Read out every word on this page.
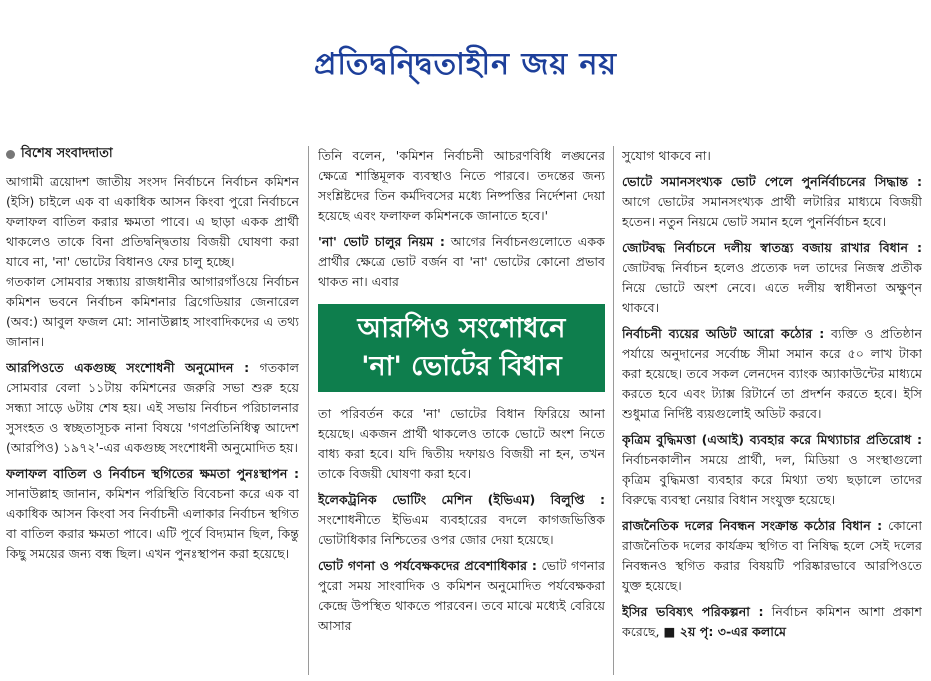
প্রতিদ্বন্দ্বিতাহীন জয় নয়
বিশেষ সংবাদদাতা

আগামী ত্রয়োদশ জাতীয় সংসদ নির্বাচনে নির্বাচন কমিশন (ইসি) চাইলে এক বা একাধিক আসন কিংবা পুরো নির্বাচনে ফলাফল বাতিল করার ক্ষমতা পাবে। এ ছাড়া একক প্রার্থী থাকলেও তাকে বিনা প্রতিদ্বন্দ্বিতায় বিজয়ী ঘোষণা করা যাবে না, 'না' ভোটের বিধানও ফের চালু হচ্ছে।

গতকাল সোমবার সন্ধ্যায় রাজধানীর আগারগাঁওয়ে নির্বাচন কমিশন ভবনে নির্বাচন কমিশনার ব্রিগেডিয়ার জেনারেল (অব:) আবুল ফজল মো: সানাউল্লাহ সাংবাদিকদের এ তথ্য জানান।

আরপিওতে একগুচ্ছ সংশোধনী অনুমোদন : গতকাল সোমবার বেলা ১১টায় কমিশনের জরুরি সভা শুরু হয়ে সন্ধ্যা সাড়ে ৬টায় শেষ হয়। এই সভায় নির্বাচন পরিচালনার সুসংহত ও স্বচ্ছতাসূচক নানা বিষয়ে 'গণপ্রতিনিধিত্ব আদেশ (আরপিও) ১৯৭২'-এর একগুচ্ছ সংশোধনী অনুমোদিত হয়।

ফলাফল বাতিল ও নির্বাচন স্থগিতের ক্ষমতা পুনঃস্থাপন : সানাউল্লাহ জানান, কমিশন পরিস্থিতি বিবেচনা করে এক বা একাধিক আসন কিংবা সব নির্বাচনী এলাকার নির্বাচন স্থগিত বা বাতিল করার ক্ষমতা পাবে। এটি পূর্বে বিদ্যমান ছিল, কিন্তু কিছু সময়ের জন্য বন্ধ ছিল। এখন পুনঃস্থাপন করা হয়েছে।

তিনি বলেন, 'কমিশন নির্বাচনী আচরণবিধি লঙ্ঘনের ক্ষেত্রে শাস্তিমূলক ব্যবস্থাও নিতে পারবে। তদন্তের জন্য সংশ্লিষ্টদের তিন কর্মদিবসের মধ্যে নিষ্পত্তির নির্দেশনা দেয়া হয়েছে এবং ফলাফল কমিশনকে জানাতে হবে।'

'না' ভোট চালুর নিয়ম : আগের নির্বাচনগুলোতে একক প্রার্থীর ক্ষেত্রে ভোট বর্জন বা 'না' ভোটের কোনো প্রভাব থাকত না। এবার

আরপিও সংশোধনে
'না' ভোটের বিধান

তা পরিবর্তন করে 'না' ভোটের বিধান ফিরিয়ে আনা হয়েছে। একজন প্রার্থী থাকলেও তাকে ভোটে অংশ নিতে বাধ্য করা হবে। যদি দ্বিতীয় দফায়ও বিজয়ী না হন, তখন তাকে বিজয়ী ঘোষণা করা হবে।

ইলেকট্রনিক ভোটিং মেশিন (ইভিএম) বিলুপ্তি : সংশোধনীতে ইভিএম ব্যবহারের বদলে কাগজভিত্তিক ভোটাধিকার নিশ্চিতের ওপর জোর দেয়া হয়েছে।

ভোট গণনা ও পর্যবেক্ষকদের প্রবেশাধিকার : ভোট গণনার পুরো সময় সাংবাদিক ও কমিশন অনুমোদিত পর্যবেক্ষকরা কেন্দ্রে উপস্থিত থাকতে পারবেন। তবে মাঝে মধ্যেই বেরিয়ে আসার

সুযোগ থাকবে না।

ভোটে সমানসংখ্যক ভোট পেলে পুনর্নির্বাচনের সিদ্ধান্ত : আগে ভোটের সমানসংখ্যক প্রার্থী লটারির মাধ্যমে বিজয়ী হতেন। নতুন নিয়মে ভোট সমান হলে পুনর্নির্বাচন হবে।

জোটবদ্ধ নির্বাচনে দলীয় স্বাতন্ত্র্য বজায় রাখার বিধান : জোটবদ্ধ নির্বাচন হলেও প্রত্যেক দল তাদের নিজস্ব প্রতীক নিয়ে ভোটে অংশ নেবে। এতে দলীয় স্বাধীনতা অক্ষুণ্ন থাকবে।

নির্বাচনী ব্যয়ের অডিট আরো কঠোর : ব্যক্তি ও প্রতিষ্ঠান পর্যায়ে অনুদানের সর্বোচ্চ সীমা সমান করে ৫০ লাখ টাকা করা হয়েছে। তবে সকল লেনদেন ব্যাংক অ্যাকাউন্টের মাধ্যমে করতে হবে এবং ট্যাক্স রিটার্নে তা প্রদর্শন করতে হবে। ইসি শুধুমাত্র নির্দিষ্ট ব্যয়গুলোই অডিট করবে।

কৃত্রিম বুদ্ধিমত্তা (এআই) ব্যবহার করে মিথ্যাচার প্রতিরোধ : নির্বাচনকালীন সময়ে প্রার্থী, দল, মিডিয়া ও সংস্থাগুলো কৃত্রিম বুদ্ধিমত্তা ব্যবহার করে মিথ্যা তথ্য ছড়ালে তাদের বিরুদ্ধে ব্যবস্থা নেয়ার বিধান সংযুক্ত হয়েছে।

রাজনৈতিক দলের নিবন্ধন সংক্রান্ত কঠোর বিধান : কোনো রাজনৈতিক দলের কার্যক্রম স্থগিত বা নিষিদ্ধ হলে সেই দলের নিবন্ধনও স্থগিত করার বিষয়টি পরিষ্কারভাবে আরপিওতে যুক্ত হয়েছে।

ইসির ভবিষ্যৎ পরিকল্পনা : নির্বাচন কমিশন আশা প্রকাশ করেছে, ■ ২য় পৃ: ৩-এর কলামে
